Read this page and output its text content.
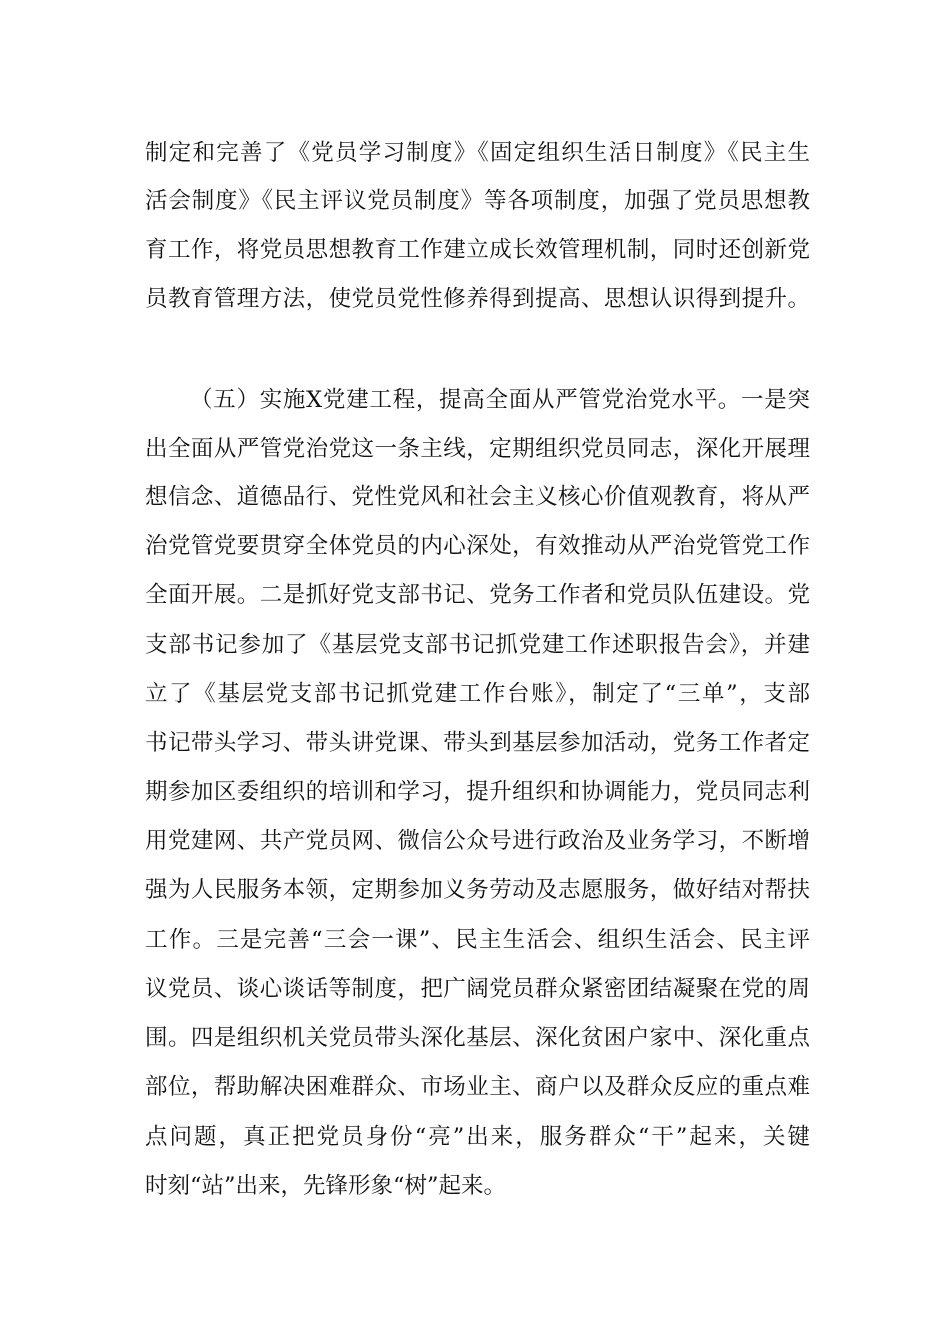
制定和完善了《党员学习制度》《固定组织生活日制度》《民主生
活会制度》《民主评议党员制度》等各项制度，加强了党员思想教
育工作，将党员思想教育工作建立成长效管理机制，同时还创新党
员教育管理方法，使党员党性修养得到提高、思想认识得到提升。
（五）实施X党建工程，提高全面从严管党治党水平。一是突
出全面从严管党治党这一条主线，定期组织党员同志，深化开展理
想信念、道德品行、党性党风和社会主义核心价值观教育，将从严
治党管党要贯穿全体党员的内心深处，有效推动从严治党管党工作
全面开展。二是抓好党支部书记、党务工作者和党员队伍建设。党
支部书记参加了《基层党支部书记抓党建工作述职报告会》，并建
立了《基层党支部书记抓党建工作台账》，制定了“三单”，支部
书记带头学习、带头讲党课、带头到基层参加活动，党务工作者定
期参加区委组织的培训和学习，提升组织和协调能力，党员同志利
用党建网、共产党员网、微信公众号进行政治及业务学习，不断增
强为人民服务本领，定期参加义务劳动及志愿服务，做好结对帮扶
工作。三是完善“三会一课”、民主生活会、组织生活会、民主评
议党员、谈心谈话等制度，把广阔党员群众紧密团结凝聚在党的周
围。四是组织机关党员带头深化基层、深化贫困户家中、深化重点
部位，帮助解决困难群众、市场业主、商户以及群众反应的重点难
点问题，真正把党员身份“亮”出来，服务群众“干”起来，关键
时刻“站”出来，先锋形象“树”起来。
